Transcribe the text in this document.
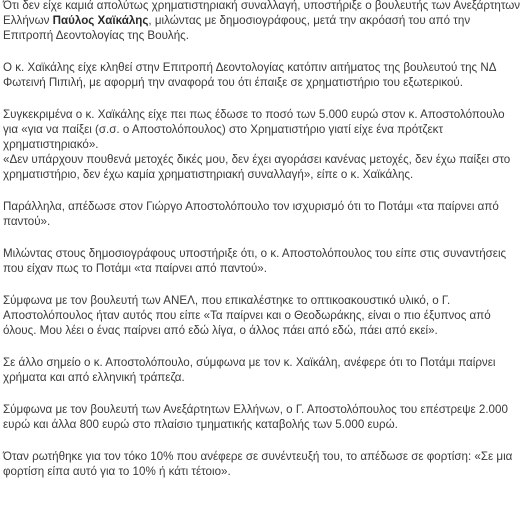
Ότι δεν είχε καμιά απολύτως χρηματιστηριακή συναλλαγή, υποστήριξε ο βουλευτής των Ανεξάρτητων Ελλήνων Παύλος Χαϊκάλης, μιλώντας με δημοσιογράφους, μετά την ακρόασή του από την Επιτροπή Δεοντολογίας της Βουλής.

Ο κ. Χαϊκάλης είχε κληθεί στην Επιτροπή Δεοντολογίας κατόπιν αιτήματος της βουλευτού της ΝΔ Φωτεινή Πιπιλή, με αφορμή την αναφορά του ότι έπαιξε σε χρηματιστήριο του εξωτερικού.

Συγκεκριμένα ο κ. Χαϊκάλης είχε πει πως έδωσε το ποσό των 5.000 ευρώ στον κ. Αποστολόπουλο για «για να παίξει (σ.σ. ο Αποστολόπουλος) στο Χρηματιστήριο γιατί είχε ένα πρότζεκτ χρηματιστηριακό».

«Δεν υπάρχουν πουθενά μετοχές δικές μου, δεν έχει αγοράσει κανένας μετοχές, δεν έχω παίξει στο χρηματιστήριο, δεν έχω καμία χρηματιστηριακή συναλλαγή», είπε ο κ. Χαϊκάλης.

Παράλληλα, απέδωσε στον Γιώργο Αποστολόπουλο τον ισχυρισμό ότι το Ποτάμι «τα παίρνει από παντού».

Μιλώντας στους δημοσιογράφους υποστήριξε ότι, ο κ. Αποστολόπουλος του είπε στις συναντήσεις που είχαν πως το Ποτάμι «τα παίρνει από παντού».

Σύμφωνα με τον βουλευτή των ΑΝΕΛ, που επικαλέστηκε το οπτικοακουστικό υλικό, ο Γ. Αποστολόπουλος ήταν αυτός που είπε «Τα παίρνει και ο Θεοδωράκης, είναι ο πιο έξυπνος από όλους. Μου λέει ο ένας παίρνει από εδώ λίγα, ο άλλος πάει από εδώ, πάει από εκεί».

Σε άλλο σημείο ο κ. Αποστολόπουλο, σύμφωνα με τον κ. Χαϊκάλη, ανέφερε ότι το Ποτάμι παίρνει χρήματα και από ελληνική τράπεζα.

Σύμφωνα με τον βουλευτή των Ανεξάρτητων Ελλήνων, ο Γ. Αποστολόπουλος του επέστρεψε 2.000 ευρώ και άλλα 800 ευρώ στο πλαίσιο τμηματικής καταβολής των 5.000 ευρώ.

Όταν ρωτήθηκε για τον τόκο 10% που ανέφερε σε συνέντευξή του, το απέδωσε σε φορτίση: «Σε μια φορτίση είπα αυτό για το 10% ή κάτι τέτοιο».
